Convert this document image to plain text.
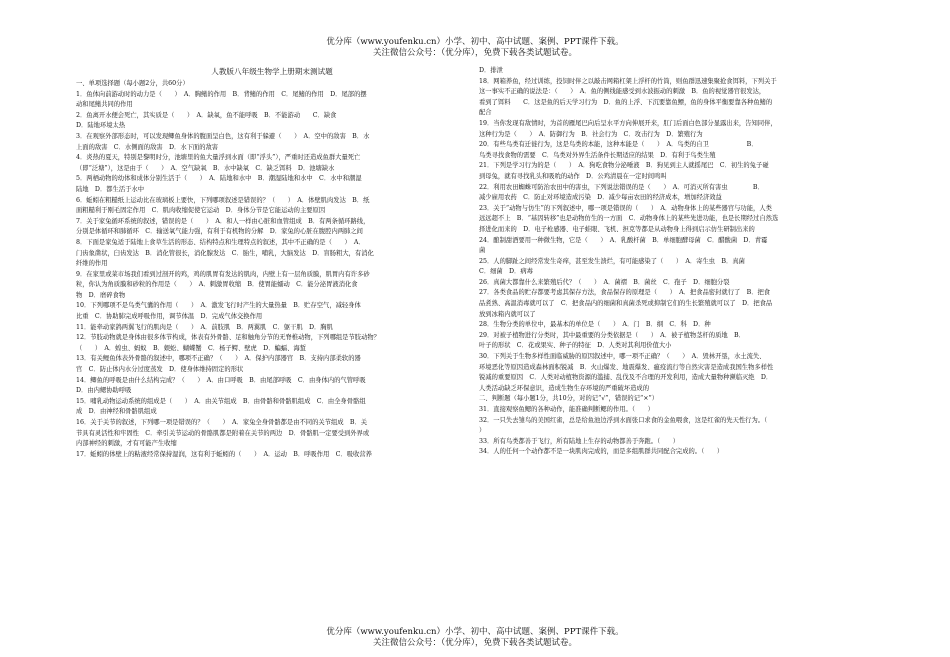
优分库（www.youfenku.cn）小学、初中、高中试题、案例、PPT课件下载。
关注微信公众号：（优分库），免费下载各类试题试卷。
人教版八年级生物学上册期末测试题
一、单项选择题（每小题2分，共60分）
1．鱼体向前游动时的动力是（　　）　A．胸鳍的作用　B．背鳍的作用　C．尾鳍的作用　D．尾部的摆
动和尾鳍共同的作用
2．鱼离开水便会死亡，其实质是（　　）　A．缺氧，鱼不能呼吸　B．不能游动　　C．缺食
D．陆地环境太热
3．在观察外部形态时，可以发现鲫鱼身体的腹面呈白色，这有利于躲避（　　）　A．空中的敌害　B．水
上面的敌害　C．水侧面的敌害　D．水下面的敌害
4．炎热的夏天，特别是黎明时分，池塘里的鱼大量浮到水面（即“浮头”），严重时还造成鱼群大量死亡
（即“泛塘”），这是由于（　　）　A．空气缺氧　B．水中缺氧　C．缺乏饵料　D．池塘缺水
5．两栖动物的幼体和成体分别生活于（　　）　A．陆地和水中　B．潮湿陆地和水中　C．水中和潮湿
陆地　D．都生活于水中
6．蚯蚓在粗糙纸上运动比在玻璃板上要快，下列哪项叙述是错误的？（　　）　A．体壁肌肉发达　B．纸
面粗糙利于刚毛固定作用　C．肌肉收缩促使它运动　D．身体分节是它能运动的主要原因
7．关于家兔循环系统的叙述，错误的是（　　）　A．和人一样由心脏和血管组成　B．有两条循环路线，
分别是体循环和肺循环　C．输送氧气能力强，有利于有机物的分解　D．家兔的心脏在腹腔内两肺之间
8．下面是家兔适于陆地上食草生活的形态、结构特点和生理特点的叙述，其中不正确的是（　　）　A．
门齿象凿状，臼齿发达　B．消化管很长，消化腺发达　C．胎生，哺乳，大脑发达　D．盲肠粗大，有消化
纤维的作用
9．在家里或菜市场我们看到过剖开的鸡，鸡的肌胃有发达的肌肉，内壁上有一层角质膜，肌胃内有许多砂
粒，你认为角质膜和砂粒的作用是（　　）　A．刺激胃收缩　B．使胃能蠕动　C．能分泌胃液消化食
物　D．磨碎食物
10．下列哪项不是鸟类气囊的作用（　　）　A．激发飞行时产生的大量热量　B．贮存空气，减轻身体
比重　C．协助肺完成呼吸作用，调节体温　D．完成气体交换作用
11．能牵动家鸽两翼飞行的肌肉是（　　）　A．前肢肌　B．两翼肌　C．躯干肌　D．胸肌
12．节肢动物就是身体由很多体节构成，体表有外骨骼、足和触角分节的无脊椎动物，下列哪组是节肢动物？
（　　）　A．蝗虫、蚂蚁　B．蜈蚣、蝴蝶蟹　C．杨子鳄、壁虎　D．蝙蝠、海蜇
13．有关鲤鱼体表外骨骼的叙述中，哪项不正确？（　　）　A．保护内部器官　B．支持内部柔软的器
官　C．防止体内水分过度蒸发　D．使身体维持固定的形状
14．鲫鱼的呼吸是由什么结构完成？（　　）　A．由口呼吸　B．由尾部呼吸　C．由身体内的气管呼吸
D．由内鳃协助呼吸
15．哺乳动物运动系统的组成是（　　）　A．由关节组成　B．由骨骼和骨骼肌组成　C．由全身骨骼组
成　D．由神经和骨骼肌组成
16．关于关节的叙述，下列哪一项是错误的？（　　）　A．家兔全身骨骼都是由不同的关节组成　B．关
节具有灵活性和牢固性　C．牵引关节运动的骨骼肌都是附着在关节的两边　D．骨骼肌一定要受到外界或
内部神经的刺激，才有可能产生收缩
17．蚯蚓的体壁上的粘液经常保持湿润，这有利于蚯蚓的（　　）　A．运动　B．呼吸作用　C．吸收营养
D．排泄
18．网箱养鱼，经过训练，投饲时伴之以敲击网箱杠架上浮杆的竹筒，则鱼群迅速集聚抢食饵料，下列关于
这一事实不正确的说法是：（　　）　A．鱼的侧线能感受到水波振动的刺激　B．鱼的视觉器官很发达，
看到了饵料　　C．这是鱼的后天学习行为　D．鱼的上浮、下沉要靠鱼鳔，鱼的身体平衡要靠各种鱼鳍的
配合
19．当你发现有敌情时，为首的雁尾巴向后呈水平方向伸展开来，肛门后面白色部分显露出来，告知同伴，
这种行为是（　　）　A．防御行为　B．社会行为　C．攻击行为　D．繁殖行为
20．有些鸟类有迁徙行为，这是鸟类的本能，这种本能是（　　）　A．鸟类的自卫　　　　　　B．
鸟类寻找食物的需要　C．鸟类对外界生活条件长期适应的结果　D．有利于鸟类生殖
21．下列是学习行为的是（　　）　A．狗吃食物分泌唾液　B．狗见到主人就摇尾巴　C．初生的兔子碰
到母兔，就有寻找乳头和吸吮的动作　D．公鸡清晨在一定时间鸣叫
22．利用农田蜘蛛可防治农田中的害虫，下列说法错误的是（　　）　A．可消灭所有害虫　　　　B．
减少雇用农药　C．防止对环境造成污染　D．减少每亩农田的经济成本，增加经济效益
23．关于“动物与仿生”的下列叙述中，哪一项是错误的（　　）　A．动物身体上的某些器官与功能，人类
远远超不上　B．“基因转移”也是动物仿生的一方面　C．动物身体上的某些先进功能，也是长期经过自然选
择进化而来的　D．电子枪感器、电子蛙眼、飞机、担克等都是从动物身上得到启示仿生研制出来的
24．酿制甜酒要用一种微生物，它是（　　）　A．乳酸杆菌　B．单细胞酵母菌　C．醋酸菌　D．青霉
菌
25．人的脚趾之间经常发生奇痒，甚至发生溃烂，有可能感染了（　　）　A．寄生虫　B．真菌
C．细菌　D．病毒
26．真菌大都靠什么来繁殖后代？（　　）　A．菌褶　B．菌丝　C．孢子　D．细胞分裂
27．各类食品的贮存都要考虑其保存方法，食品保存的原理是（　　）　A．把食品密封就行了　B．把食
品煮熟、高温消毒就可以了　C．把食品内的细菌和真菌杀死或抑制它们的生长繁殖就可以了　D．把食品
放到冰箱内就可以了
28．生物分类的单位中，最基本的单位是（　　）　A．门　B．纲　C．科　D．种
29．对被子植物进行分类时，其中最重要的分类依据是（　　）　A．被子植物茎杆的质地　B．
叶子的形状　C．花或果实、种子的特征　D．人类对其利用价值大小
30．下列关于生物多样性面临威胁的原因叙述中，哪一项不正确？（　　）　A．毁林开垦，水土流失、
环境恶化等原因造成森林面积锐减　B．火山爆发、地震爆发、瘟疫流行等自然灾害是造成我国生物多样性
锐减的重要原因　C．人类对动植物资源的滥捕、乱伐及不合理的开发利用，造成大量物种濒临灭绝　D．
人类活动缺乏环保意识，造成生物生存环境的严重破坏造成的
二、判断题（每小题1分，共10分，对的记“√”，错误的记“×”）
31．直接观察鱼鳃的各种动作，能准确判断鳃的作用。（　　）
32．一只失去雏鸟的美国红雀，总是给鱼池边浮到水面张口求食的金鱼喂食，这是红雀的先天性行为。（
）
33．所有鸟类都善于飞行，所有陆地上生存的动物都善于奔跑。（　　）
34．人的任何一个动作都不是一块肌肉完成的，而是多组肌群共同配合完成的。（　　）
优分库（www.youfenku.cn）小学、初中、高中试题、案例、PPT课件下载。
关注微信公众号：（优分库），免费下载各类试题试卷。
